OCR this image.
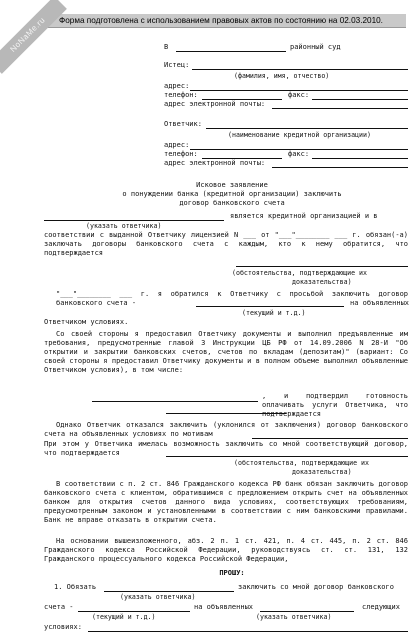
Форма подготовлена с использованием правовых актов по состоянию на 02.03.2010.
NoNaMe.ru	В	районный суд
Истец:
(фамилия, имя, отчество)
адрес:
телефон:	факс:
адрес электронной почты:
Ответчик:
(наименование кредитной организации)
адрес:
телефон:	факс:
адрес электронной почты:
Исковое заявление
о понуждении банка (кредитной организации) заключить
договор банковского счета
является кредитной организацией и в
(указать ответчика)
соответствии с выданной Ответчику лицензией N ___ от "___"________ ___ г. обязан(-а) заключать договоры банковского счета с каждым, кто к нему обратится, что подтверждается
(обстоятельства, подтверждающие их
доказательства)
"___"________ ___ г. я обратился к Ответчику с просьбой заключить договор банковского счета -	на объявленных
(текущий и т.д.)
Ответчиком условиях.
Со своей стороны я предоставил Ответчику документы и выполнил предъявленные им требования, предусмотренные главой 3 Инструкции ЦБ РФ от 14.09.2006 N 28-И "Об открытии и закрытии банковских счетов, счетов по вкладам (депозитам)" (вариант: Со своей стороны я предоставил Ответчику документы и в полном объеме выполнил объявленные Ответчиком условия), в том числе:
, и подтвердил готовность оплачивать услуги Ответчика, что подтверждается
Однако Ответчик отказался заключить (уклонился от заключения) договор банковского счета на объявленных условиях по мотивам
При этом у Ответчика имелась возможность заключить со мной соответствующий договор, что подтверждается
(обстоятельства, подтверждающие их
доказательства)
В соответствии с п. 2 ст. 846 Гражданского кодекса РФ банк обязан заключить договор банковского счета с клиентом, обратившимся с предложением открыть счет на объявленных банком для открытия счетов данного вида условиях, соответствующих требованиям, предусмотренным законом и установленными в соответствии с ним банковскими правилами. Банк не вправе отказать в открытии счета.
На основании вышеизложенного, абз. 2 п. 1 ст. 421, п. 4 ст. 445, п. 2 ст. 846 Гражданского кодекса Российской Федерации, руководствуясь ст. ст. 131, 132 Гражданского процессуального кодекса Российской Федерации,
ПРОШУ:
1. Обязать	заключить со мной договор банковского
(указать ответчика)
счета -	на объявленных	следующих
(текущий и т.д.)	(указать ответчика)
условиях:
